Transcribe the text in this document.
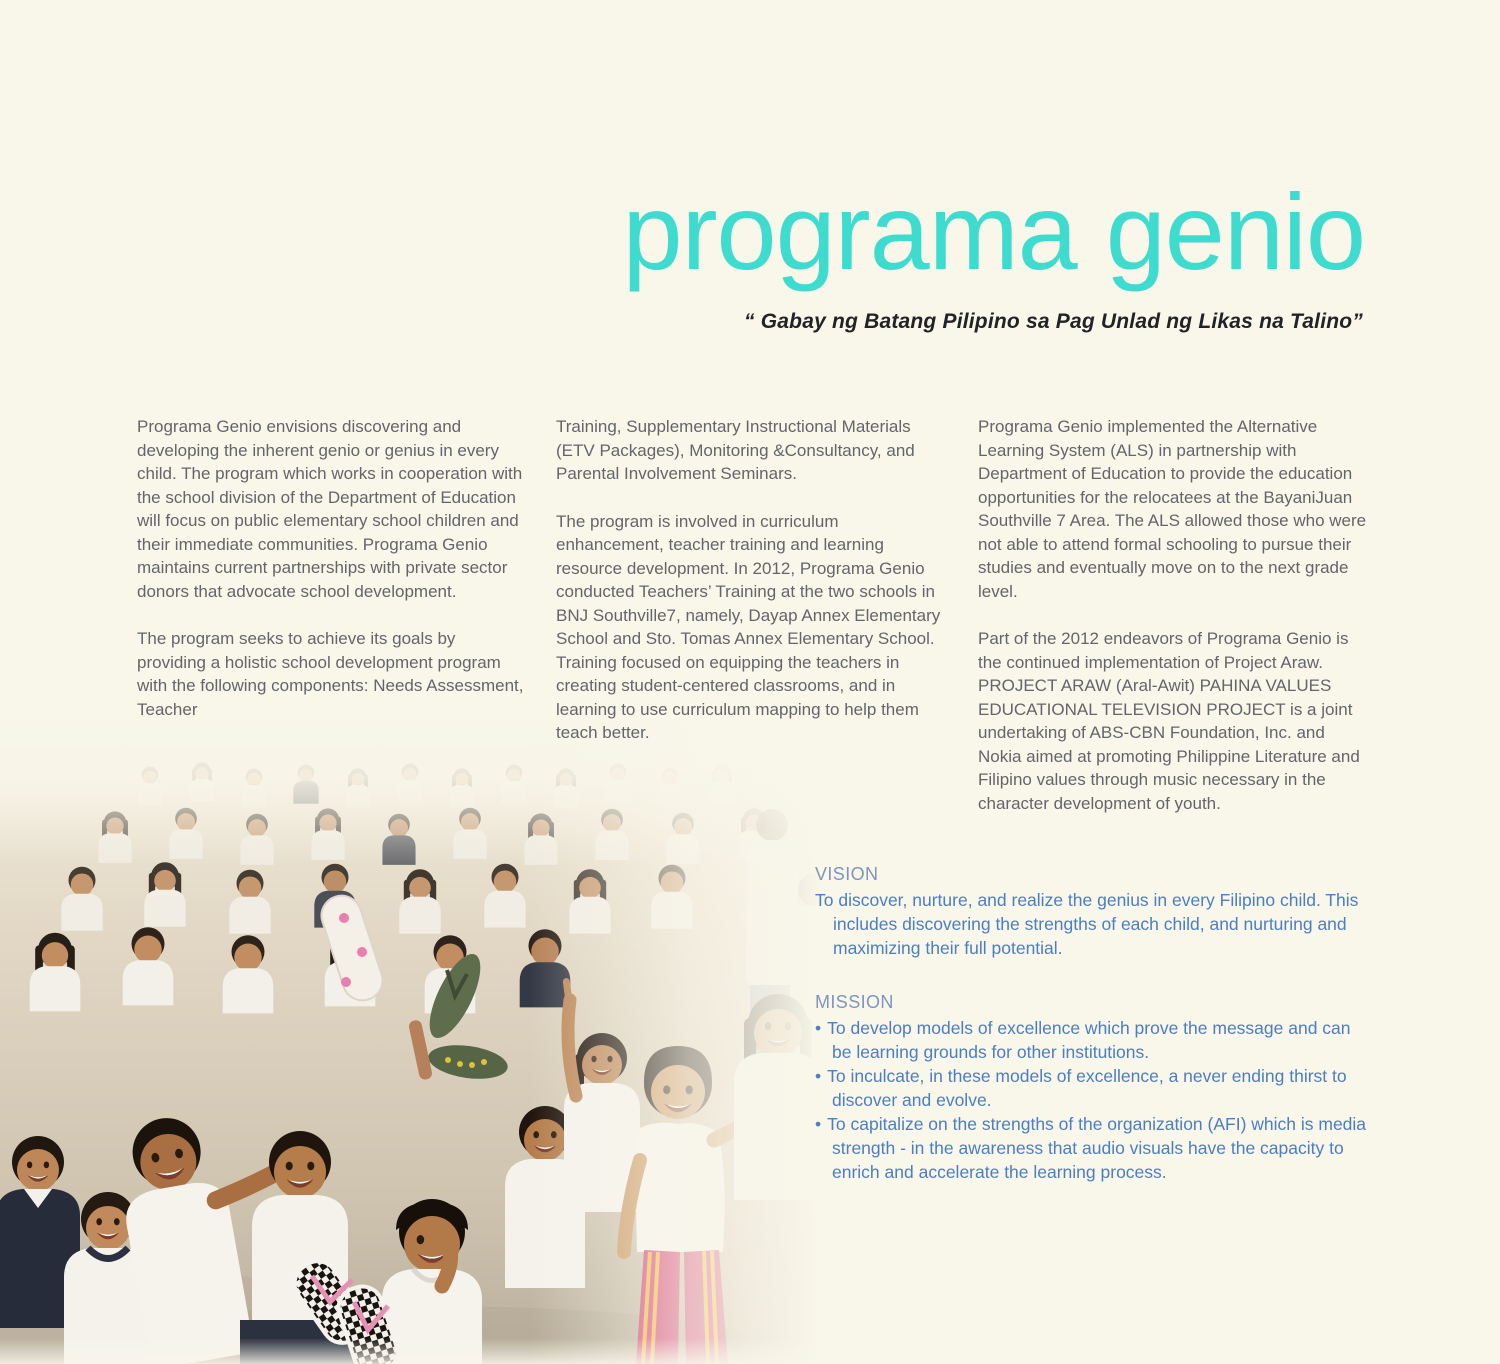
programa genio

“ Gabay ng Batang Pilipino sa Pag Unlad ng Likas na Talino”

Programa Genio envisions discovering and developing the inherent genio or genius in every child. The program which works in cooperation with the school division of the Department of Education will focus on public elementary school children and their immediate communities. Programa Genio maintains current partnerships with private sector donors that advocate school development.

The program seeks to achieve its goals by providing a holistic school development program with the following components: Needs Assessment, Teacher

Training, Supplementary Instructional Materials (ETV Packages), Monitoring &Consultancy, and Parental Involvement Seminars.

The program is involved in curriculum enhancement, teacher training and learning resource development. In 2012, Programa Genio conducted Teachers’ Training at the two schools in BNJ Southville7, namely, Dayap Annex Elementary School and Sto. Tomas Annex Elementary School. Training focused on equipping the teachers in creating student-centered classrooms, and in learning to use curriculum mapping to help them teach better.

Programa Genio implemented the Alternative Learning System (ALS) in partnership with Department of Education to provide the education opportunities for the relocatees at the BayaniJuan Southville 7 Area. The ALS allowed those who were not able to attend formal schooling to pursue their studies and eventually move on to the next grade level.

Part of the 2012 endeavors of Programa Genio is the continued implementation of Project Araw. PROJECT ARAW (Aral-Awit) PAHINA VALUES EDUCATIONAL TELEVISION PROJECT is a joint undertaking of ABS-CBN Foundation, Inc. and Nokia aimed at promoting Philippine Literature and Filipino values through music necessary in the character development of youth.

VISION

To discover, nurture, and realize the genius in every Filipino child. This includes discovering the strengths of each child, and nurturing and maximizing their full potential.

MISSION
• To develop models of excellence which prove the message and can be learning grounds for other institutions.
• To inculcate, in these models of excellence, a never ending thirst to discover and evolve.
• To capitalize on the strengths of the organization (AFI) which is media strength - in the awareness that audio visuals have the capacity to enrich and accelerate the learning process.
